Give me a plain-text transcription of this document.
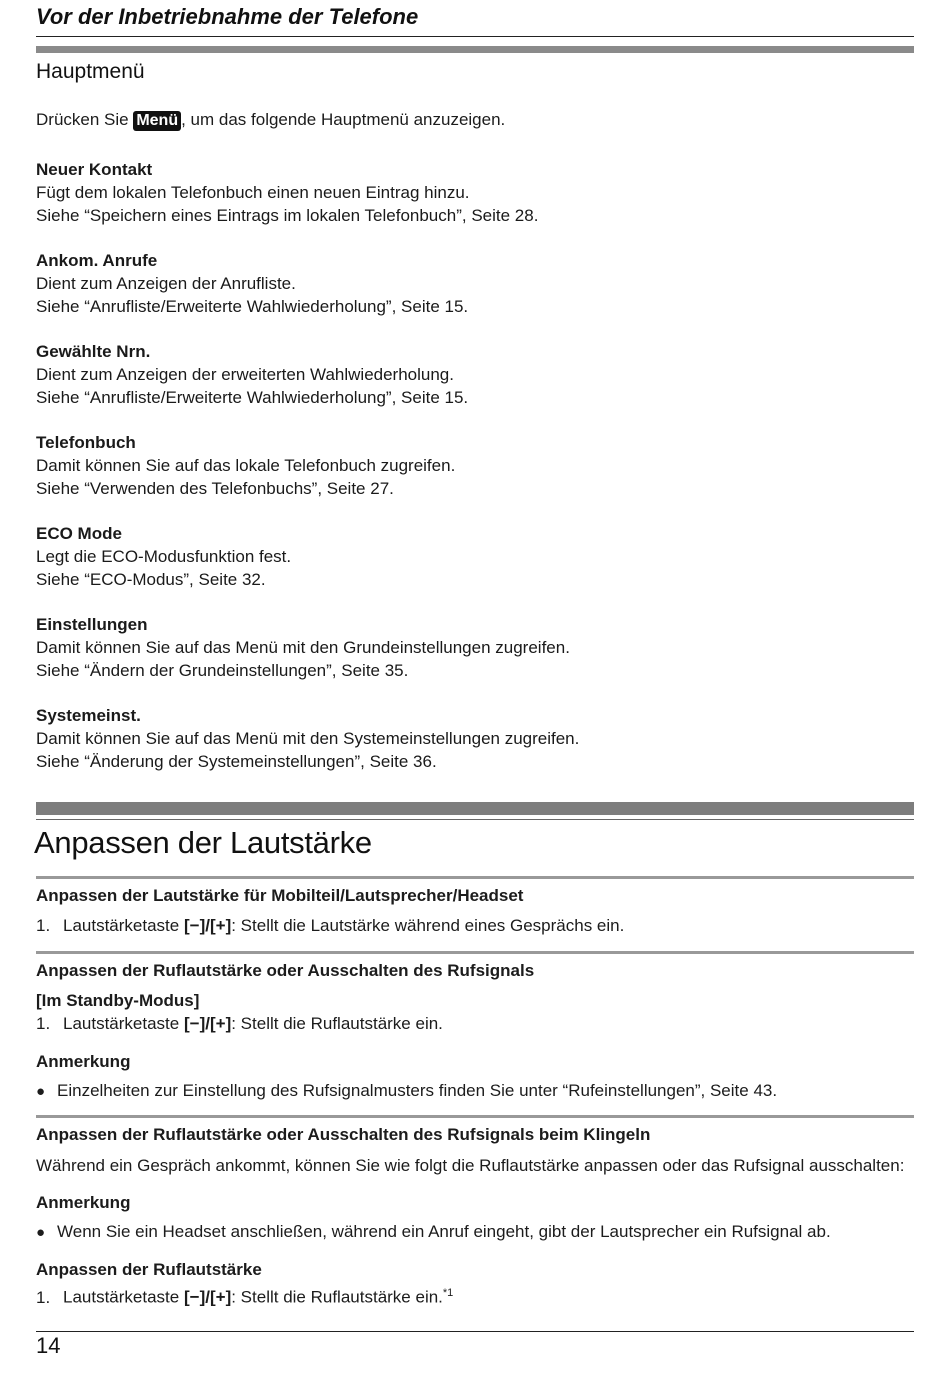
Vor der Inbetriebnahme der Telefone
Hauptmenü
Drücken Sie Menü , um das folgende Hauptmenü anzuzeigen.
Neuer Kontakt
Fügt dem lokalen Telefonbuch einen neuen Eintrag hinzu.
Siehe “Speichern eines Eintrags im lokalen Telefonbuch”, Seite 28.
Ankom. Anrufe
Dient zum Anzeigen der Anrufliste.
Siehe “Anrufliste/Erweiterte Wahlwiederholung”, Seite 15.
Gewählte Nrn.
Dient zum Anzeigen der erweiterten Wahlwiederholung.
Siehe “Anrufliste/Erweiterte Wahlwiederholung”, Seite 15.
Telefonbuch
Damit können Sie auf das lokale Telefonbuch zugreifen.
Siehe “Verwenden des Telefonbuchs”, Seite 27.
ECO Mode
Legt die ECO-Modusfunktion fest.
Siehe “ECO-Modus”, Seite 32.
Einstellungen
Damit können Sie auf das Menü mit den Grundeinstellungen zugreifen.
Siehe “Ändern der Grundeinstellungen”, Seite 35.
Systemeinst.
Damit können Sie auf das Menü mit den Systemeinstellungen zugreifen.
Siehe “Änderung der Systemeinstellungen”, Seite 36.
Anpassen der Lautstärke
Anpassen der Lautstärke für Mobilteil/Lautsprecher/Headset
1. Lautstärketaste [−]/[+]: Stellt die Lautstärke während eines Gesprächs ein.
Anpassen der Ruflautstärke oder Ausschalten des Rufsignals
[Im Standby-Modus]
1. Lautstärketaste [−]/[+]: Stellt die Ruflautstärke ein.
Anmerkung
● Einzelheiten zur Einstellung des Rufsignalmusters finden Sie unter “Rufeinstellungen”, Seite 43.
Anpassen der Ruflautstärke oder Ausschalten des Rufsignals beim Klingeln
Während ein Gespräch ankommt, können Sie wie folgt die Ruflautstärke anpassen oder das Rufsignal ausschalten:
Anmerkung
● Wenn Sie ein Headset anschließen, während ein Anruf eingeht, gibt der Lautsprecher ein Rufsignal ab.
Anpassen der Ruflautstärke
1. Lautstärketaste [−]/[+]: Stellt die Ruflautstärke ein.$^{*1}$
14
